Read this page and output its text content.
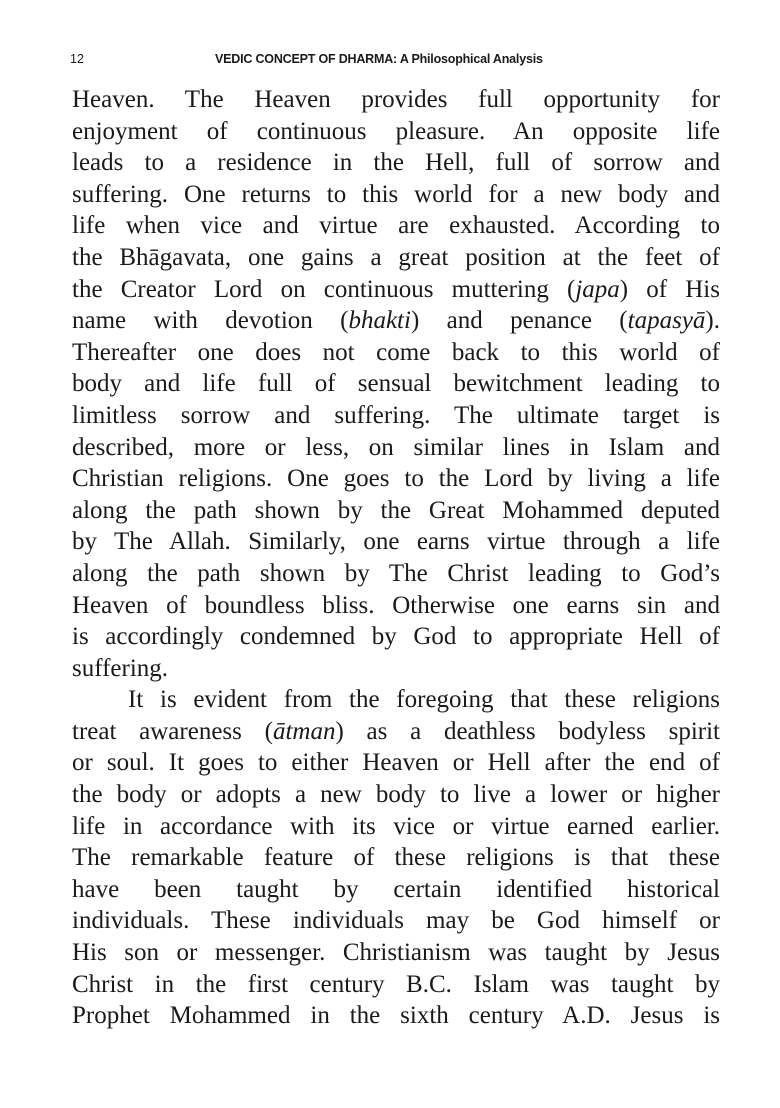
12	VEDIC CONCEPT OF DHARMA: A Philosophical Analysis
Heaven. The Heaven provides full opportunity for
enjoyment of continuous pleasure. An opposite life
leads to a residence in the Hell, full of sorrow and
suffering. One returns to this world for a new body and
life when vice and virtue are exhausted. According to
the Bhāgavata, one gains a great position at the feet of
the Creator Lord on continuous muttering (japa) of His
name with devotion (bhakti) and penance (tapasyā).
Thereafter one does not come back to this world of
body and life full of sensual bewitchment leading to
limitless sorrow and suffering. The ultimate target is
described, more or less, on similar lines in Islam and
Christian religions. One goes to the Lord by living a life
along the path shown by the Great Mohammed deputed
by The Allah. Similarly, one earns virtue through a life
along the path shown by The Christ leading to God’s
Heaven of boundless bliss. Otherwise one earns sin and
is accordingly condemned by God to appropriate Hell of
suffering.
It is evident from the foregoing that these religions
treat awareness (ātman) as a deathless bodyless spirit
or soul. It goes to either Heaven or Hell after the end of
the body or adopts a new body to live a lower or higher
life in accordance with its vice or virtue earned earlier.
The remarkable feature of these religions is that these
have been taught by certain identified historical
individuals. These individuals may be God himself or
His son or messenger. Christianism was taught by Jesus
Christ in the first century B.C. Islam was taught by
Prophet Mohammed in the sixth century A.D. Jesus is
